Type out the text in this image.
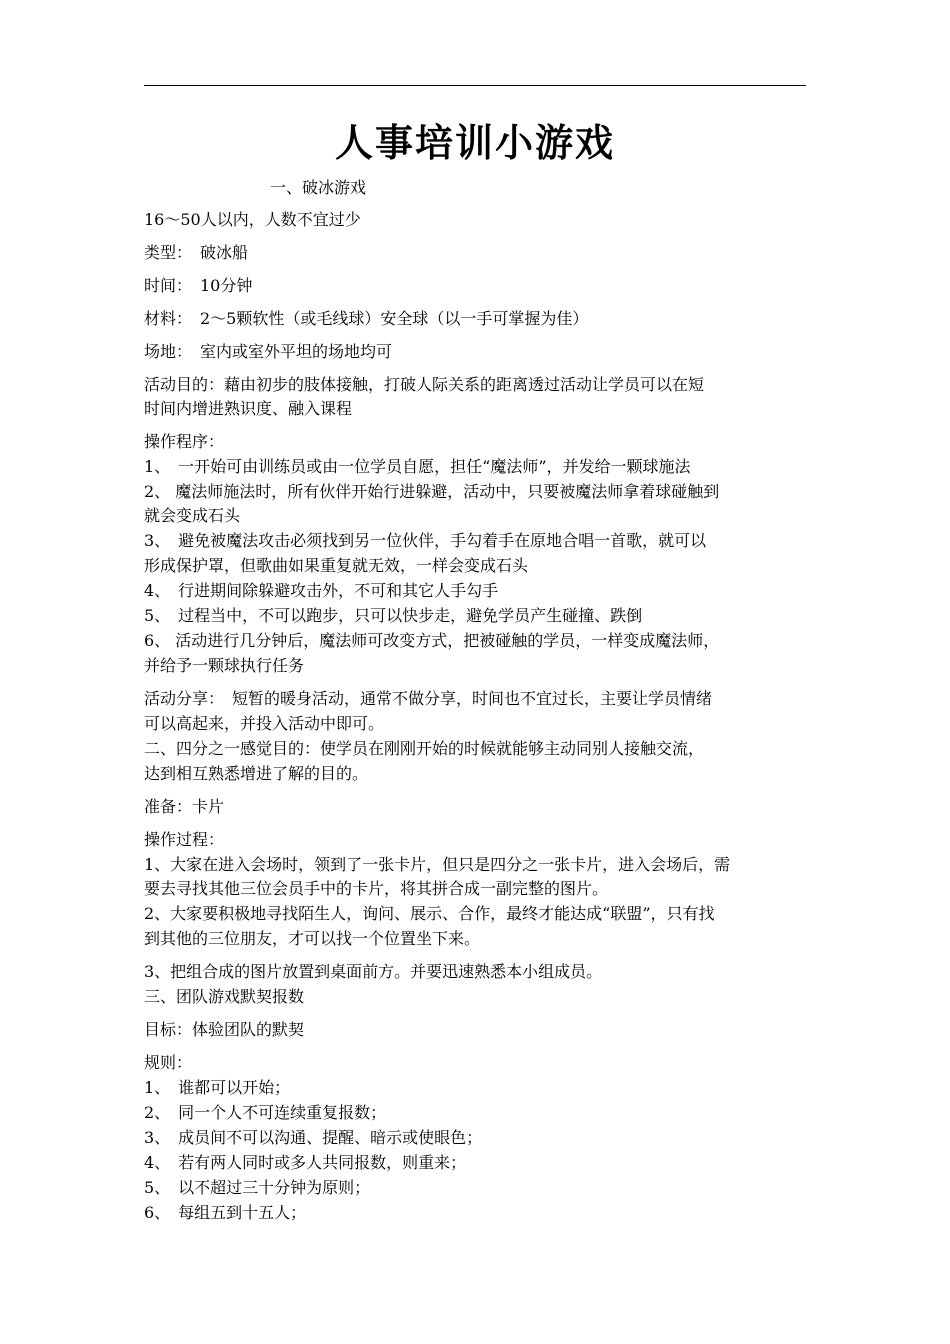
人事培训小游戏
一、破冰游戏
16～50人以内，人数不宜过少
类型：　破冰船
时间：　10分钟
材料：　2～5颗软性（或毛线球）安全球（以一手可掌握为佳）
场地：　室内或室外平坦的场地均可
活动目的：藉由初步的肢体接触，打破人际关系的距离透过活动让学员可以在短
时间内增进熟识度、融入课程
操作程序：
1、　一开始可由训练员或由一位学员自愿，担任“魔法师”，并发给一颗球施法
2、 魔法师施法时，所有伙伴开始行进躲避，活动中，只要被魔法师拿着球碰触到
就会变成石头
3、　避免被魔法攻击必须找到另一位伙伴，手勾着手在原地合唱一首歌，就可以
形成保护罩，但歌曲如果重复就无效，一样会变成石头
4、　行进期间除躲避攻击外，不可和其它人手勾手
5、　过程当中，不可以跑步，只可以快步走，避免学员产生碰撞、跌倒
6、 活动进行几分钟后，魔法师可改变方式，把被碰触的学员，一样变成魔法师，
并给予一颗球执行任务
活动分享：　短暂的暖身活动，通常不做分享，时间也不宜过长，主要让学员情绪
可以高起来，并投入活动中即可。
二、四分之一感觉目的：使学员在刚刚开始的时候就能够主动同别人接触交流，
达到相互熟悉增进了解的目的。
准备：卡片
操作过程：
1、大家在进入会场时，领到了一张卡片，但只是四分之一张卡片，进入会场后，需
要去寻找其他三位会员手中的卡片，将其拼合成一副完整的图片。
2、大家要积极地寻找陌生人，询问、展示、合作，最终才能达成“联盟”，只有找
到其他的三位朋友，才可以找一个位置坐下来。
3、把组合成的图片放置到桌面前方。并要迅速熟悉本小组成员。
三、团队游戏默契报数
目标：体验团队的默契
规则：
1、　谁都可以开始；
2、　同一个人不可连续重复报数；
3、　成员间不可以沟通、提醒、暗示或使眼色；
4、　若有两人同时或多人共同报数，则重来；
5、　以不超过三十分钟为原则；
6、　每组五到十五人；
